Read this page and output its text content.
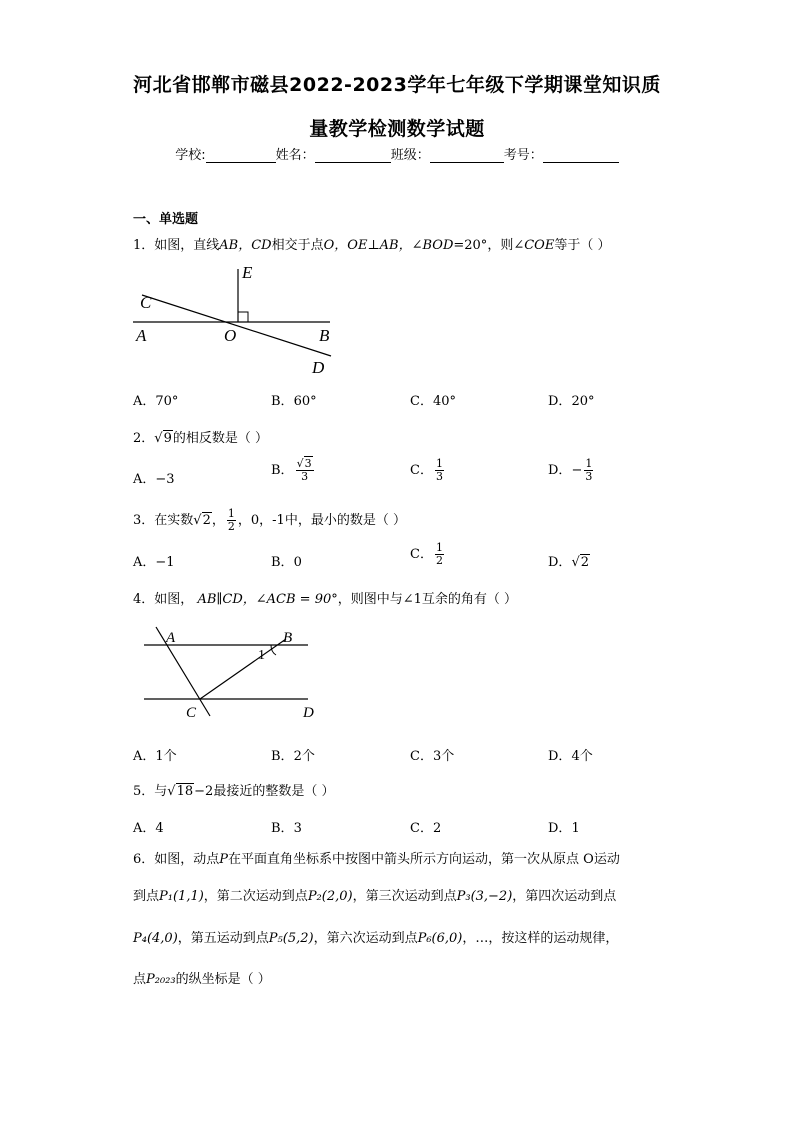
河北省邯郸市磁县2022-2023学年七年级下学期课堂知识质
量教学检测数学试题
学校:	姓名：	班级：	考号：
一、单选题
1．如图，直线AB，CD相交于点O，OE⊥AB，∠BOD=20°，则∠COE等于（ ）
E
C
A	O	B
D
A．70°	B．60°	C．40°	D．20°
2．√9的相反数是（ ）
A．−3
B． $\frac{√3}{3}$	C． $\frac{1}{3}$	D．− $\frac{1}{3}$
3．在实数√2， $\frac{1}{2}$ ，0，-1中，最小的数是（ ）
A．−1	B．0
C． $\frac{1}{2}$	D．√2
4．如图， AB∥CD，∠ACB = 90°，则图中与∠1互余的角有（ ）
A	B
1
C	D
A．1个	B．2个	C．3个	D．4个
5．与√18−2最接近的整数是（ ）
A．4	B．3	C．2	D．1
6．如图，动点P在平面直角坐标系中按图中箭头所示方向运动，第一次从原点 O运动
到点P₁(1,1)，第二次运动到点P₂(2,0)，第三次运动到点P₃(3,−2)，第四次运动到点
P₄(4,0)，第五运动到点P₅(5,2)，第六次运动到点P₆(6,0)，…，按这样的运动规律，
点P₂₀₂₃的纵坐标是（ ）
